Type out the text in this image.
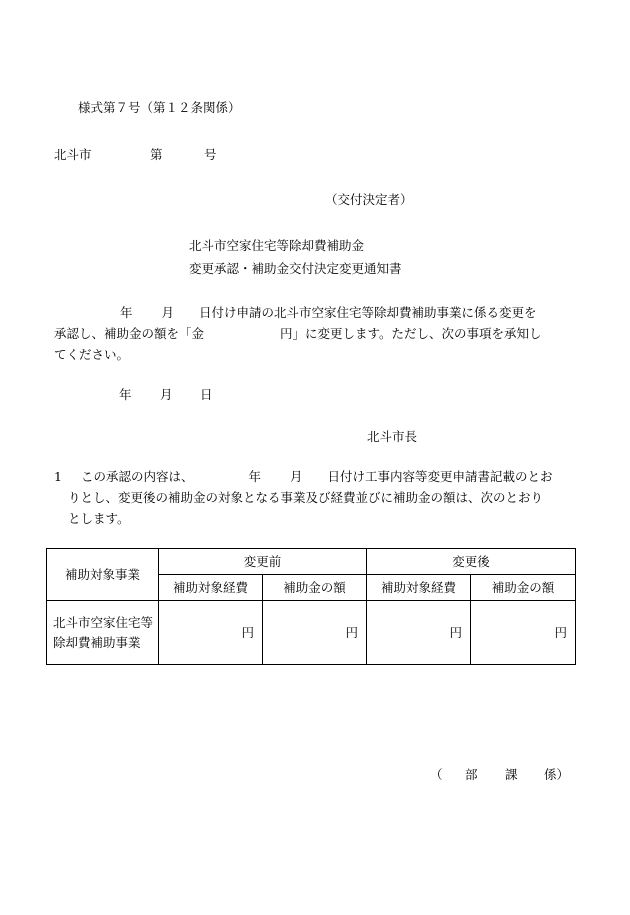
様式第７号（第１２条関係）
北斗市	第	号
（交付決定者）
北斗市空家住宅等除却費補助金
変更承認・補助金交付決定変更通知書
年 月 日付け申請の北斗市空家住宅等除却費補助事業に係る変更を
承認し、補助金の額を「金	円」に変更します。ただし、次の事項を承知し
てください。
年 月 日
北斗市長
1 この承認の内容は、	年 月 日付け工事内容等変更申請書記載のとお
りとし、変更後の補助金の対象となる事業及び経費並びに補助金の額は、次のとおり
とします。
補助対象事業	変更前		変更後	
	補助対象経費	補助金の額	補助対象経費	補助金の額

北斗市空家住宅等
除却費補助事業	円	円	円	円
（ 部 課 係）
